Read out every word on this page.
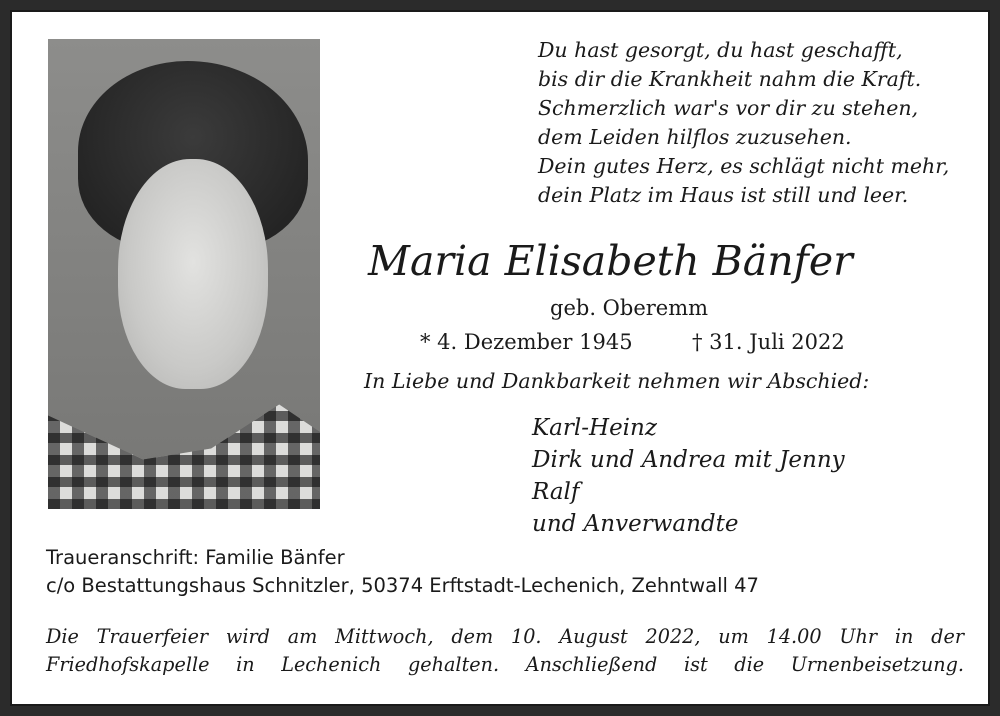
Du hast gesorgt, du hast geschafft,
bis dir die Krankheit nahm die Kraft.
Schmerzlich war's vor dir zu stehen,
dem Leiden hilflos zuzusehen.
Dein gutes Herz, es schlägt nicht mehr,
dein Platz im Haus ist still und leer.
Maria Elisabeth Bänfer
geb. Oberemm
* 4. Dezember 1945	† 31. Juli 2022
In Liebe und Dankbarkeit nehmen wir Abschied:
Karl-Heinz
Dirk und Andrea mit Jenny
Ralf
und Anverwandte
Traueranschrift: Familie Bänfer
c/o Bestattungshaus Schnitzler, 50374 Erftstadt-Lechenich, Zehntwall 47
Die Trauerfeier wird am Mittwoch, dem 10. August 2022, um 14.00 Uhr in der
Friedhofskapelle in Lechenich gehalten. Anschließend ist die Urnenbeisetzung.
